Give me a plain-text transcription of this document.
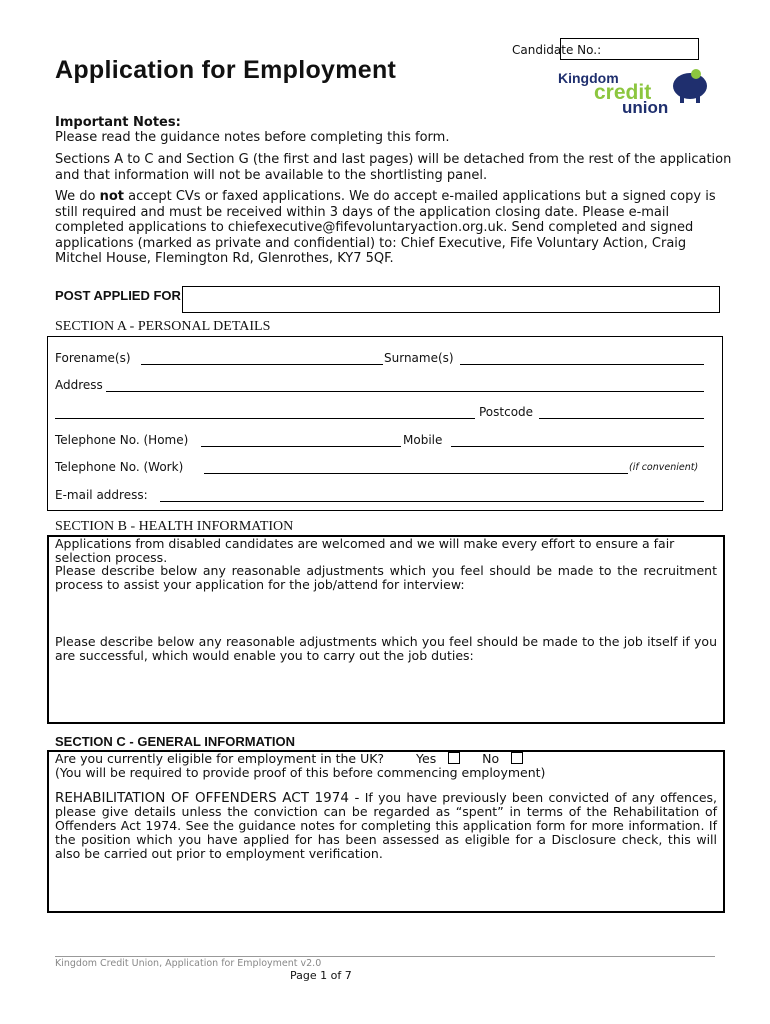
Candidate No.:
Application for Employment	Kingdom
credit
union
Important Notes:
Please read the guidance notes before completing this form.
Sections A to C and Section G (the first and last pages) will be detached from the rest of the application and that information will not be available to the shortlisting panel.
We do not accept CVs or faxed applications. We do accept e-mailed applications but a signed copy is still required and must be received within 3 days of the application closing date. Please e-mail completed applications to chiefexecutive@fifevoluntaryaction.org.uk. Send completed and signed applications (marked as private and confidential) to: Chief Executive, Fife Voluntary Action, Craig Mitchel House, Flemington Rd, Glenrothes, KY7 5QF.
POST APPLIED FOR
SECTION A - PERSONAL DETAILS
Forename(s)	Surname(s)
Address
Postcode
Telephone No. (Home)	Mobile
Telephone No. (Work)	(if convenient)
E-mail address:
SECTION B - HEALTH INFORMATION
Applications from disabled candidates are welcomed and we will make every effort to ensure a fair selection process.
Please describe below any reasonable adjustments which you feel should be made to the recruitment process to assist your application for the job/attend for interview:
Please describe below any reasonable adjustments which you feel should be made to the job itself if you are successful, which would enable you to carry out the job duties:
SECTION C - GENERAL INFORMATION
Are you currently eligible for employment in the UK?	Yes	No
(You will be required to provide proof of this before commencing employment)
REHABILITATION OF OFFENDERS ACT 1974 - If you have previously been convicted of any offences, please give details unless the conviction can be regarded as “spent” in terms of the Rehabilitation of Offenders Act 1974. See the guidance notes for completing this application form for more information. If the position which you have applied for has been assessed as eligible for a Disclosure check, this will also be carried out prior to employment verification.
Kingdom Credit Union, Application for Employment v2.0
Page 1 of 7
